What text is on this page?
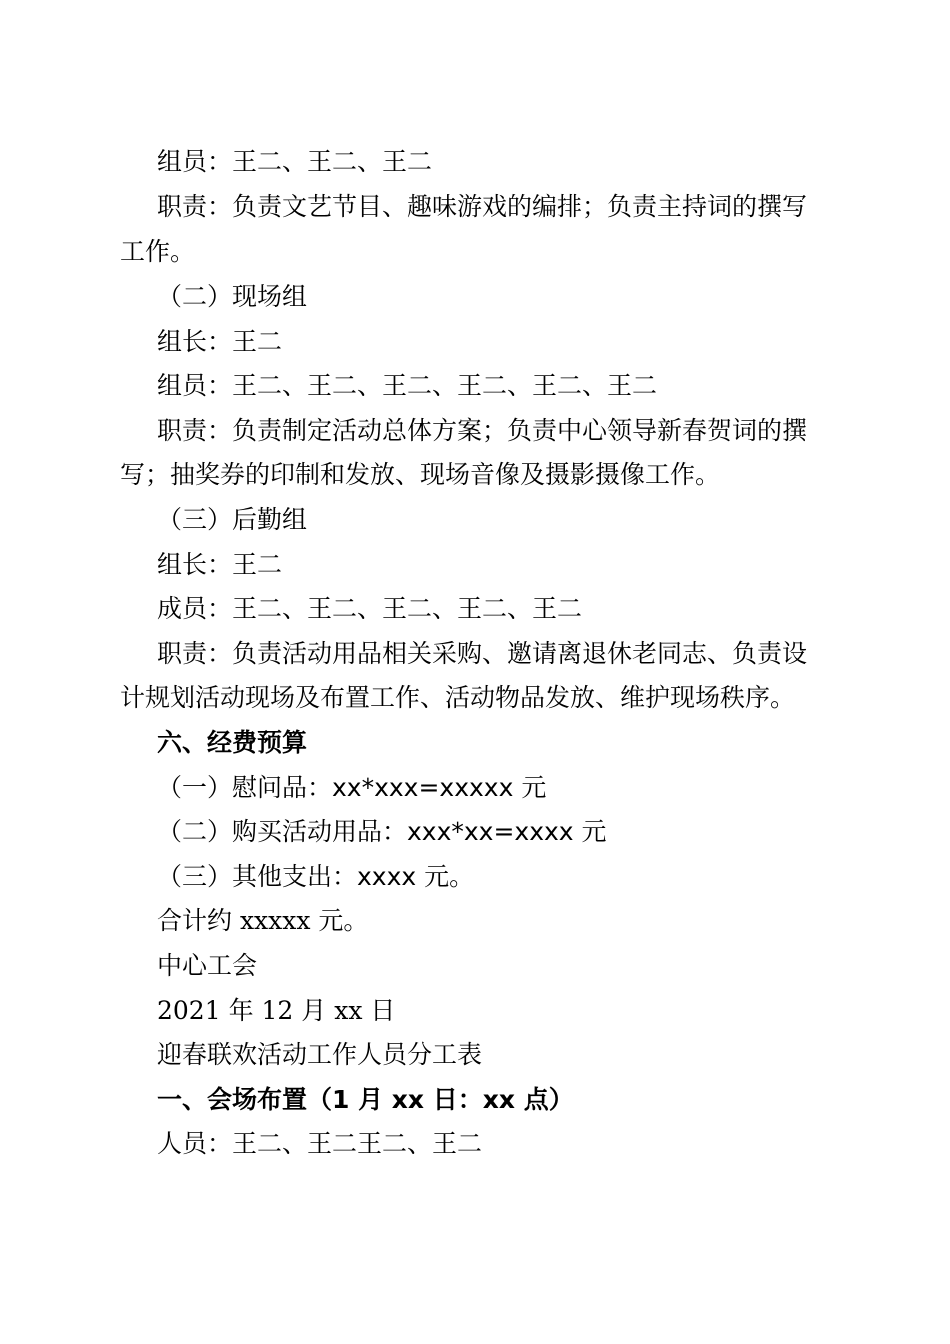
组员：王二、王二、王二
职责：负责文艺节目、趣味游戏的编排；负责主持词的撰写
工作。
（二）现场组
组长：王二
组员：王二、王二、王二、王二、王二、王二
职责：负责制定活动总体方案；负责中心领导新春贺词的撰
写；抽奖券的印制和发放、现场音像及摄影摄像工作。
（三）后勤组
组长：王二
成员：王二、王二、王二、王二、王二
职责：负责活动用品相关采购、邀请离退休老同志、负责设
计规划活动现场及布置工作、活动物品发放、维护现场秩序。
六、经费预算
（一）慰问品：xx*xxx=xxxxx 元
（二）购买活动用品：xxx*xx=xxxx 元
（三）其他支出：xxxx 元。
合计约 xxxxx 元。
中心工会
2021 年 12 月 xx 日
迎春联欢活动工作人员分工表
一、会场布置（1 月 xx 日：xx 点）
人员：王二、王二王二、王二
